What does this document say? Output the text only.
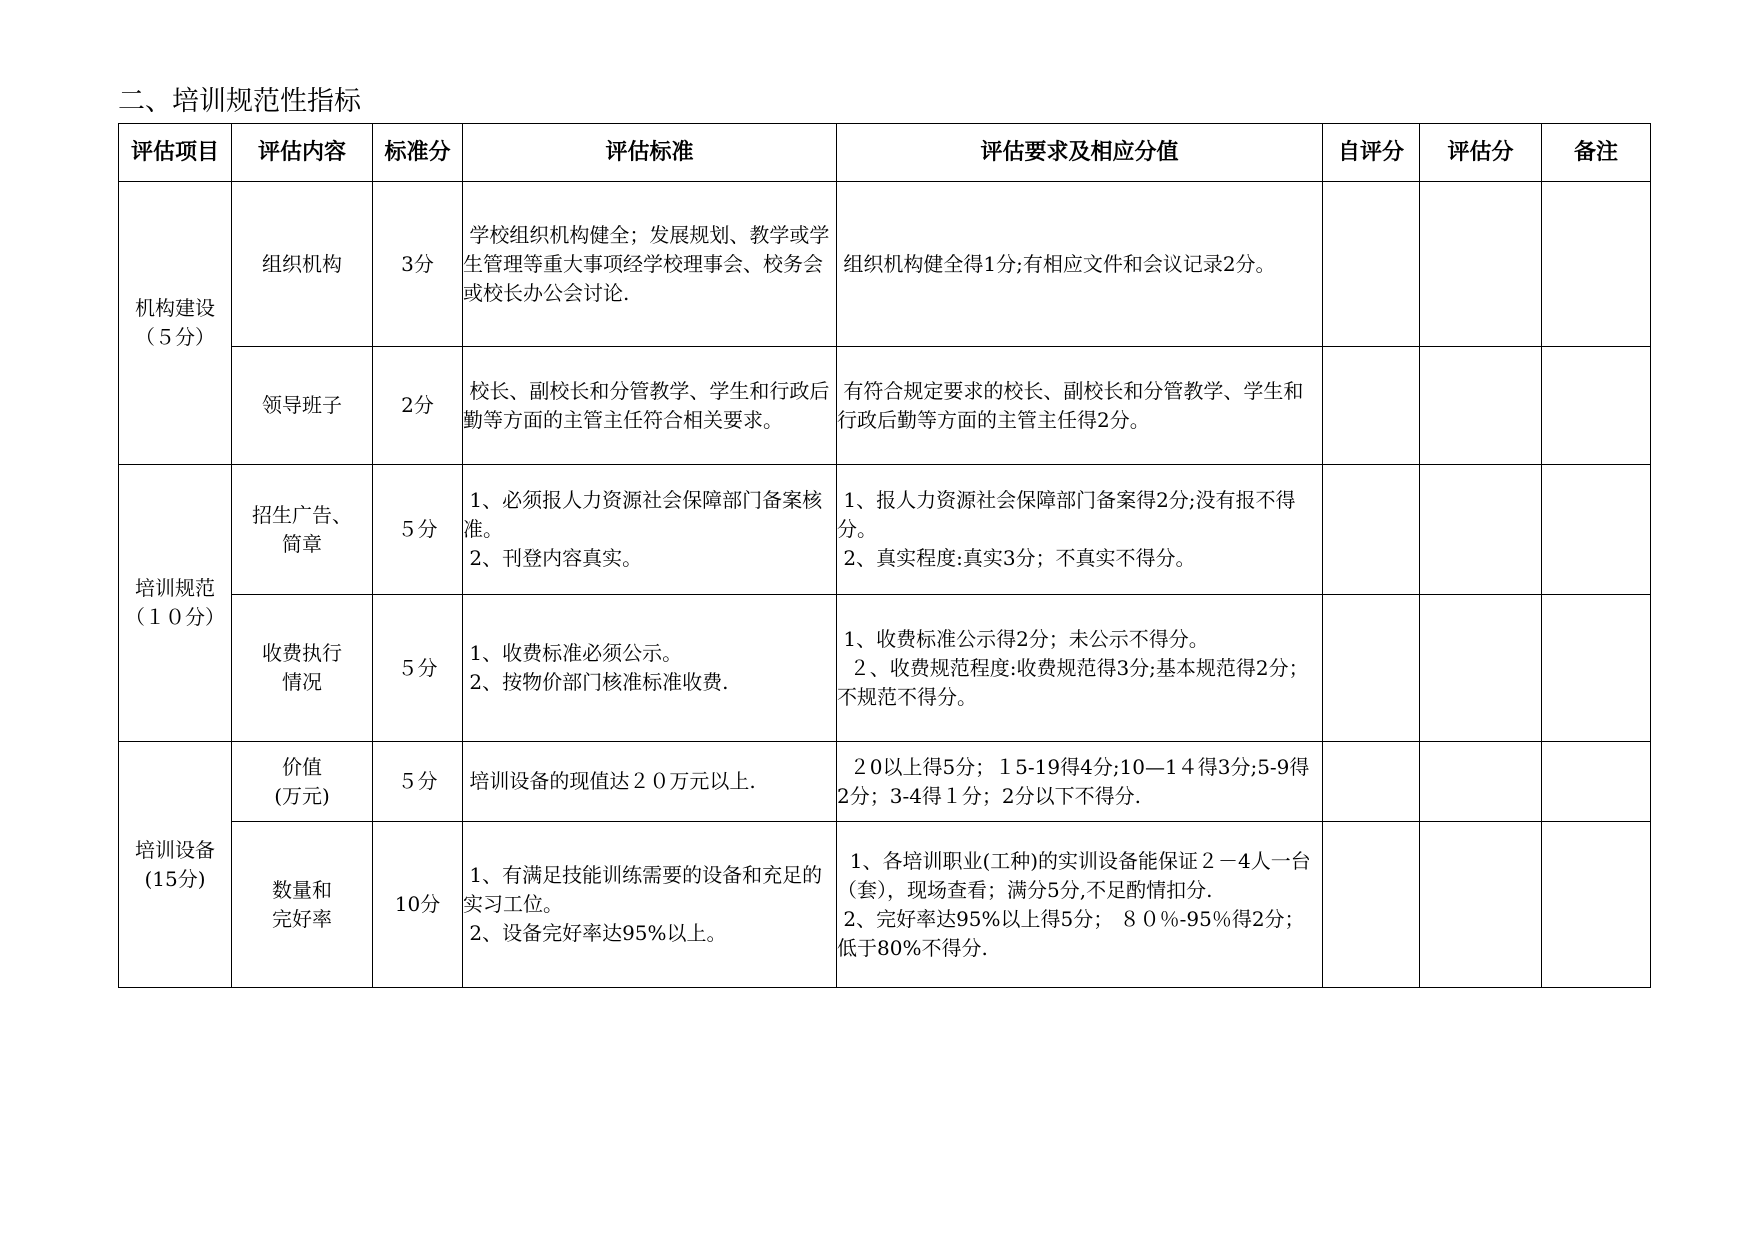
二、培训规范性指标
评估项目	评估内容	标准分	评估标准	评估要求及相应分值	自评分	评估分	备注

机构建设
（５分）	组织机构	3分	学校组织机构健全；发展规划、教学或学生管理等重大事项经学校理事会、校务会或校长办公会讨论.	组织机构健全得1分;有相应文件和会议记录2分。			

	领导班子	2分	校长、副校长和分管教学、学生和行政后勤等方面的主管主任符合相关要求。	有符合规定要求的校长、副校长和分管教学、学生和行政后勤等方面的主管主任得2分。			

培训规范
（１０分）	招生广告、
简章	５分	1、必须报人力资源社会保障部门备案核准。
2、刊登内容真实。	1、报人力资源社会保障部门备案得2分;没有报不得分。
2、真实程度:真实3分；不真实不得分。			

	收费执行
情况	５分	1、收费标准必须公示。
2、按物价部门核准标准收费.	1、收费标准公示得2分；未公示不得分。
２、收费规范程度:收费规范得3分;基本规范得2分；不规范不得分。			

培训设备
(15分)	价值
(万元)	５分	培训设备的现值达２０万元以上.	２0以上得5分；１5-19得4分;10—1４得3分;5-9得2分；3-4得１分；2分以下不得分.			

	数量和
完好率	10分	1、有满足技能训练需要的设备和充足的实习工位。
2、设备完好率达95%以上。	1、各培训职业(工种)的实训设备能保证２－4人一台（套），现场查看；满分5分,不足酌情扣分.
2、完好率达95%以上得5分； ８０％-95％得2分；低于80%不得分.			
